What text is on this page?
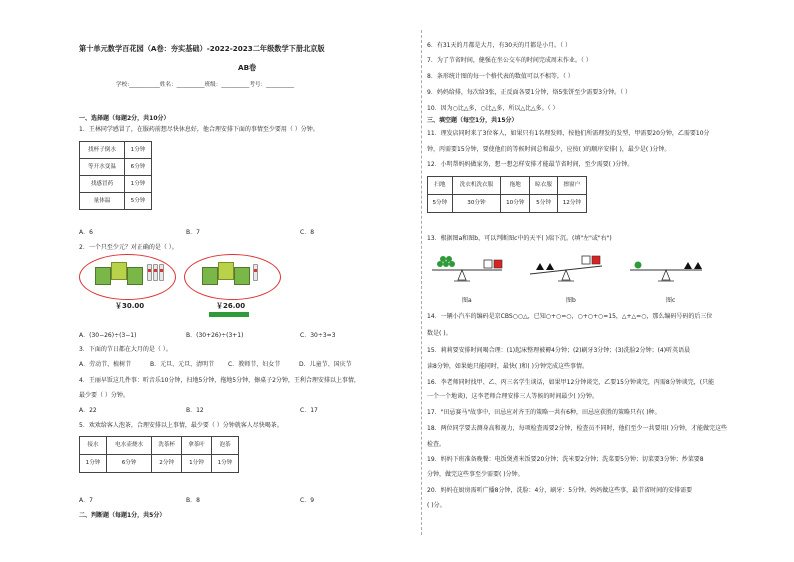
第十单元数学百花园（A卷：夯实基础）-2022-2023二年级数学下册北京版
AB卷
学校:___________姓名：__________班级：__________考号：__________
一、选择题（每题2分，共10分）
1．王林同学感冒了，在服药前想尽快休息好，他合理安排下面的事情至少要用（ ）分钟。
找杯子倒水	1分钟
等开水变温	6分钟
找感冒药	1分钟
量体温	5分钟
A．6	B．7	C．8
2．一个只至少元？对正确的是（ ）。
￥30.00	￥26.00
A．(30−26)÷(3−1)	B．(30+26)÷(3+1)	C．30÷3=3
3．下面的节日都在大月的是（ ）。
A．劳动节、植树节	B．元旦、元旦、清明节 C．教师节、妇女节	D．儿童节、国庆节
4．王丽早饭这几件事：听音乐10分钟，扫地5分钟，拖地5分钟，擦桌子2分钟，王利合理安排以上事情，
最少要（ ）分钟。
A．22	B．12	C．17
5．欢欢给客人泡茶，合理安排以上事情，最少要（ ）分钟就客人尽快喝茶。
接水	电水壶烧水	洗茶杯	拿茶叶	泡茶
1分钟	6分钟	2分钟	1分钟	1分钟
A．7	B．8	C．9
二、判断题（每题1分，共5分）
6．有31天的月都是大月，有30天的月都是小月。（ ）
7．为了节省时间，健强在坐公交车的时间完成周末作业。（ ）
8．条形统计图的每一个格代表的数值可以不相等。（ ）
9．妈妈给排，每次给3张，正反面各要1分钟，烙5张饼至少需要3分钟。（ ）
10．因为○比△多，○比△多，所以△比△多。（ ）
三、填空题（每空1分，共15分）
11．理发店同时来了3位客人，如果只有1名理发师，按他们所需理发的发型，甲需要20分钟，乙需要10分
钟，丙需要15分钟，要使他们的等候时间总和最少，应按( )的顺序安排( )，最少是( )分钟。
12．小明帮妈妈做家务，想一想怎样安排才能最节省时间，至少需要( )分钟。
扫地	洗衣机洗衣服	拖地	晾衣服	擦窗户
5分钟	30分钟	10分钟	5分钟	12分钟
13．根据图a和图b，可以判断图c中的天平( )端下沉。(填"左"或"右")
图a	图b	图c
14．一辆小汽车的编码是京CBS○○△，已知○+○=○，○+○+○=15，△+△=○，那么编码号码的后三位
数是( )。
15．莉莉要安排时间喝合理：(1)起床整理被褥4分钟；(2)刷牙3分钟；(3)洗脸2分钟；(4)听英语晨
读8分钟，如果她只能同时，最快( )和( )分钟完成这些事情。
16．李老师同时找甲、乙、丙三名学生谈话，如果甲12分钟谈完，乙要15分钟谈完，丙需8分钟谈完，(只能
一个一个地谈)，这李老师合理安排三人等候的时间最少( )分钟。
17．"田忌赛马"故事中，田忌应对齐王的策略一共有6种，田忌应获胜的策略只有( )种。
18．两位同学要去测身高和视力，每项检查需要2分钟，检查员不同时，他们至少一共要用( )分钟，才能做完这些
检查。
19．妈妈下班准备晚餐：电饭煲煮米饭要20分钟；洗米要2分钟；洗菜要5分钟；切菜要3分钟；炒菜要8
分钟，做完这些事至少需要( )分钟。
20．妈妈在厨房需听广播8分钟，洗脸：4分，刷牙：5分钟。妈妈做这些事，最节省时间的安排需要
( )分。
